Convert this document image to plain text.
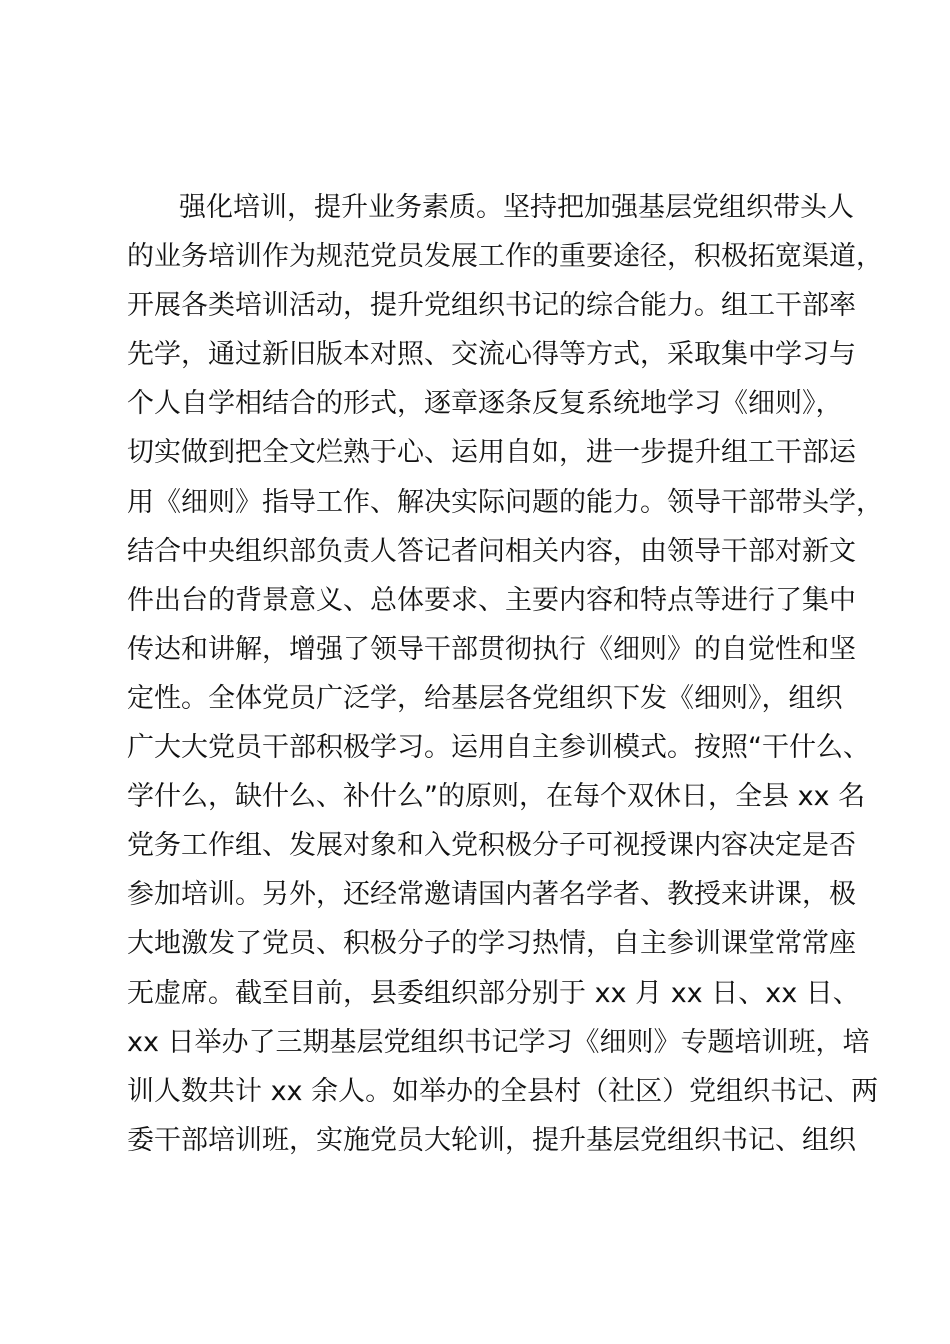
强化培训，提升业务素质。坚持把加强基层党组织带头人
的业务培训作为规范党员发展工作的重要途径，积极拓宽渠道，
开展各类培训活动，提升党组织书记的综合能力。组工干部率
先学，通过新旧版本对照、交流心得等方式，采取集中学习与
个人自学相结合的形式，逐章逐条反复系统地学习《细则》，
切实做到把全文烂熟于心、运用自如，进一步提升组工干部运
用《细则》指导工作、解决实际问题的能力。领导干部带头学，
结合中央组织部负责人答记者问相关内容，由领导干部对新文
件出台的背景意义、总体要求、主要内容和特点等进行了集中
传达和讲解，增强了领导干部贯彻执行《细则》的自觉性和坚
定性。全体党员广泛学，给基层各党组织下发《细则》，组织
广大大党员干部积极学习。运用自主参训模式。按照“干什么、
学什么，缺什么、补什么”的原则，在每个双休日，全县 xx 名
党务工作组、发展对象和入党积极分子可视授课内容决定是否
参加培训。另外，还经常邀请国内著名学者、教授来讲课，极
大地激发了党员、积极分子的学习热情，自主参训课堂常常座
无虚席。截至目前，县委组织部分别于 xx 月 xx 日、xx 日、
xx 日举办了三期基层党组织书记学习《细则》专题培训班，培
训人数共计 xx 余人。如举办的全县村（社区）党组织书记、两
委干部培训班，实施党员大轮训，提升基层党组织书记、组织
